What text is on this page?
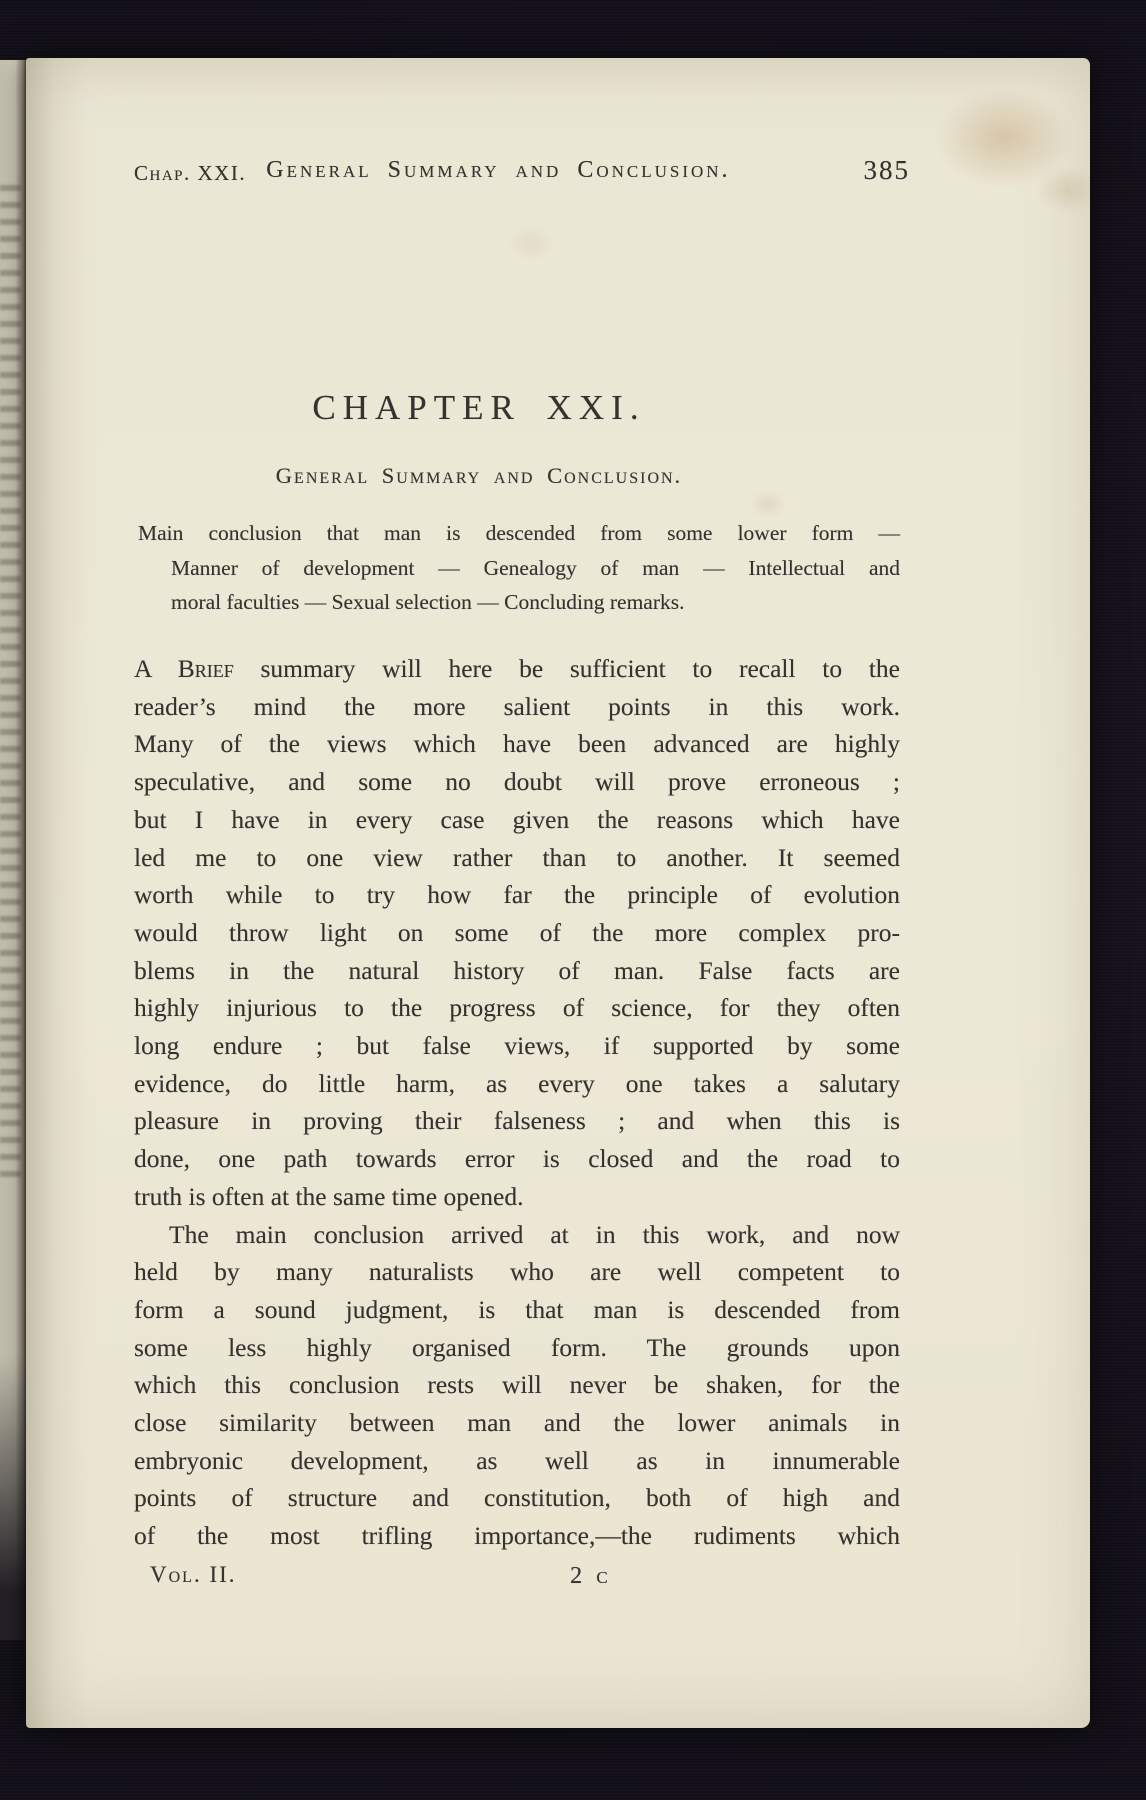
Chap. XXI. General Summary and Conclusion.	385
CHAPTER XXI.
General Summary and Conclusion.
Main conclusion that man is descended from some lower form —
Manner of development — Genealogy of man — Intellectual and
moral faculties — Sexual selection — Concluding remarks.
A Brief summary will here be sufficient to recall to the
reader’s mind the more salient points in this work.
Many of the views which have been advanced are highly
speculative, and some no doubt will prove erroneous ;
but I have in every case given the reasons which have
led me to one view rather than to another. It seemed
worth while to try how far the principle of evolution
would throw light on some of the more complex pro-
blems in the natural history of man. False facts are
highly injurious to the progress of science, for they often
long endure ; but false views, if supported by some
evidence, do little harm, as every one takes a salutary
pleasure in proving their falseness ; and when this is
done, one path towards error is closed and the road to
truth is often at the same time opened.
The main conclusion arrived at in this work, and now
held by many naturalists who are well competent to
form a sound judgment, is that man is descended from
some less highly organised form. The grounds upon
which this conclusion rests will never be shaken, for the
close similarity between man and the lower animals in
embryonic development, as well as in innumerable
points of structure and constitution, both of high and
of the most trifling importance,—the rudiments which
Vol. II.	2 c
